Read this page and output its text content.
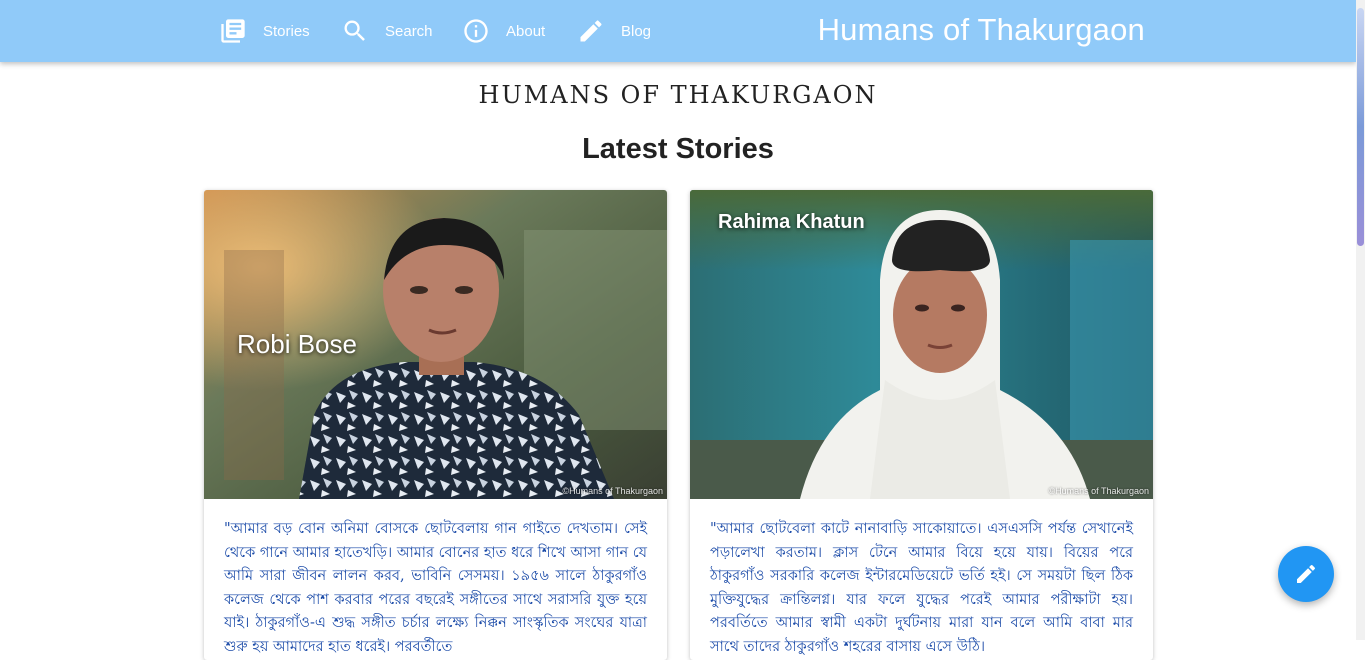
Stories	Search	About	Blog	Humans of Thakurgaon
HUMANS OF THAKURGAON
Latest Stories
Robi Bose
©Humans of Thakurgaon
"আমার বড় বোন অনিমা বোসকে ছোটবেলায় গান গাইতে দেখতাম। সেই থেকে গানে আমার হাতেখড়ি। আমার বোনের হাত ধরে শিখে আসা গান যে আমি সারা জীবন লালন করব, ভাবিনি সেসময়। ১৯৫৬ সালে ঠাকুরগাঁও কলেজ থেকে পাশ করবার পরের বছরেই সঙ্গীতের সাথে সরাসরি যুক্ত হয়ে যাই। ঠাকুরগাঁও-এ শুদ্ধ সঙ্গীত চর্চার লক্ষ্যে নিক্কন সাংস্কৃতিক সংঘের যাত্রা শুরু হয় আমাদের হাত ধরেই। পরবর্তীতে
Rahima Khatun
©Humans of Thakurgaon
"আমার ছোটবেলা কাটে নানাবাড়ি সাকোয়াতে। এসএসসি পর্যন্ত সেখানেই পড়ালেখা করতাম। ক্লাস টেনে আমার বিয়ে হয়ে যায়। বিয়ের পরে ঠাকুরগাঁও সরকারি কলেজ ইন্টারমেডিয়েটে ভর্তি হই। সে সময়টা ছিল ঠিক মুক্তিযুদ্ধের ক্রান্তিলগ্ন। যার ফলে যুদ্ধের পরেই আমার পরীক্ষাটা হয়। পরবর্তিতে আমার স্বামী একটা দুর্ঘটনায় মারা যান বলে আমি বাবা মার সাথে তাদের ঠাকুরগাঁও শহরের বাসায় এসে উঠি।
